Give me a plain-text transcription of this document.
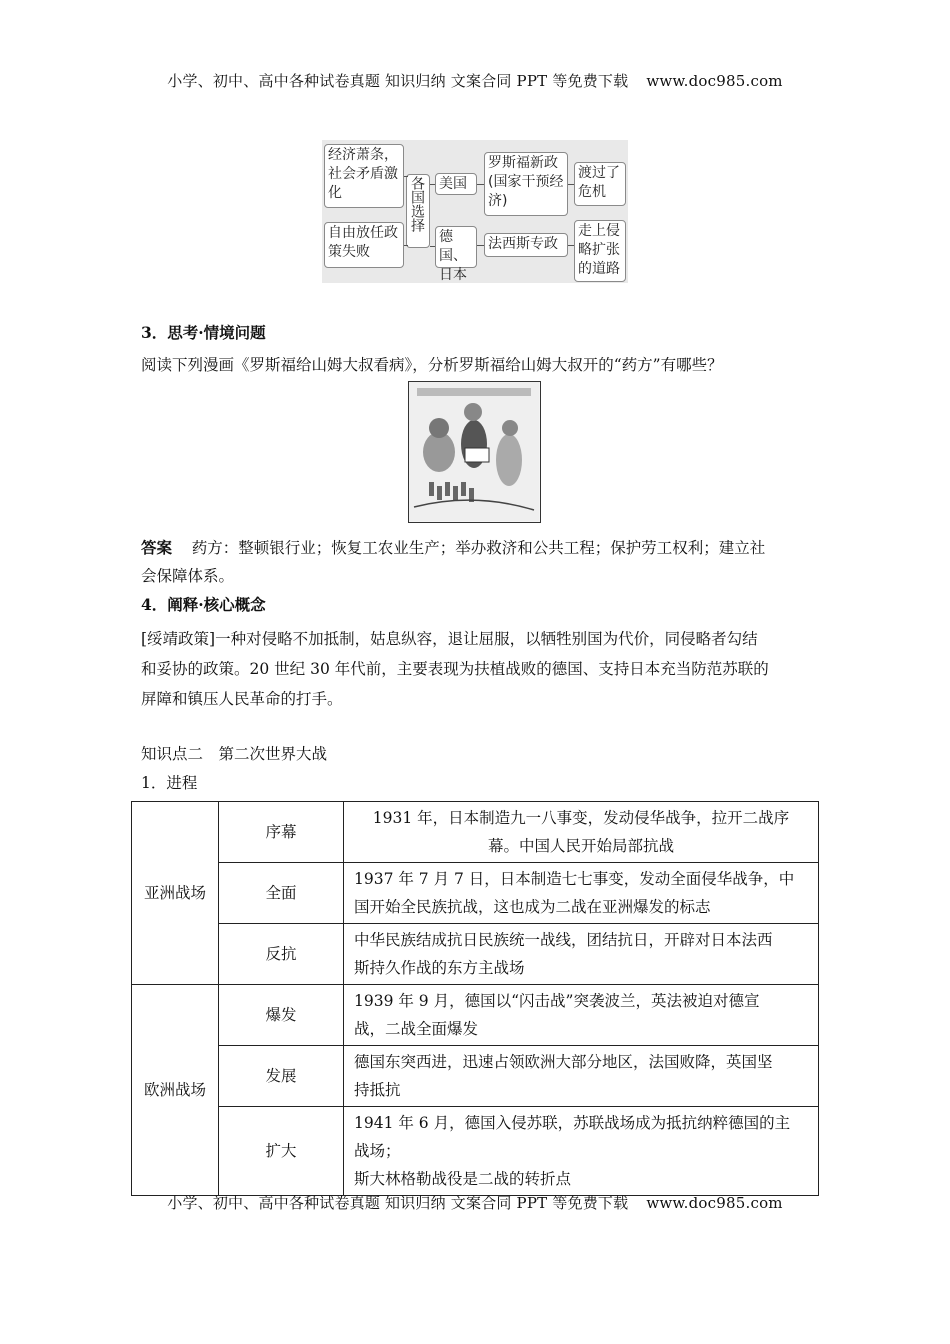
小学、初中、高中各种试卷真题 知识归纳 文案合同 PPT 等免费下载 www.doc985.com
经济萧条，社会矛盾激化
自由放任政策失败
各国选择	美国
德国、日本
罗斯福新政(国家干预经济)
法西斯专政
渡过了危机
走上侵略扩张的道路
3．思考·情境问题
阅读下列漫画《罗斯福给山姆大叔看病》，分析罗斯福给山姆大叔开的“药方”有哪些？
答案 药方：整顿银行业；恢复工农业生产；举办救济和公共工程；保护劳工权利；建立社
会保障体系。
4．阐释·核心概念
[绥靖政策]一种对侵略不加抵制，姑息纵容，退让屈服，以牺牲别国为代价，同侵略者勾结
和妥协的政策。20 世纪 30 年代前，主要表现为扶植战败的德国、支持日本充当防范苏联的
屏障和镇压人民革命的打手。
知识点二　第二次世界大战
1．进程
亚洲战场	序幕	1931 年，日本制造九一八事变，发动侵华战争，拉开二战序
幕。中国人民开始局部抗战

	全面	1937 年 7 月 7 日，日本制造七七事变，发动全面侵华战争，中
国开始全民族抗战，这也成为二战在亚洲爆发的标志

	反抗	中华民族结成抗日民族统一战线，团结抗日，开辟对日本法西
斯持久作战的东方主战场

欧洲战场	爆发	1939 年 9 月，德国以“闪击战”突袭波兰，英法被迫对德宣
战，二战全面爆发

	发展	德国东突西进，迅速占领欧洲大部分地区，法国败降，英国坚
持抵抗

	扩大	1941 年 6 月，德国入侵苏联，苏联战场成为抵抗纳粹德国的主
战场；
斯大林格勒战役是二战的转折点
小学、初中、高中各种试卷真题 知识归纳 文案合同 PPT 等免费下载 www.doc985.com
